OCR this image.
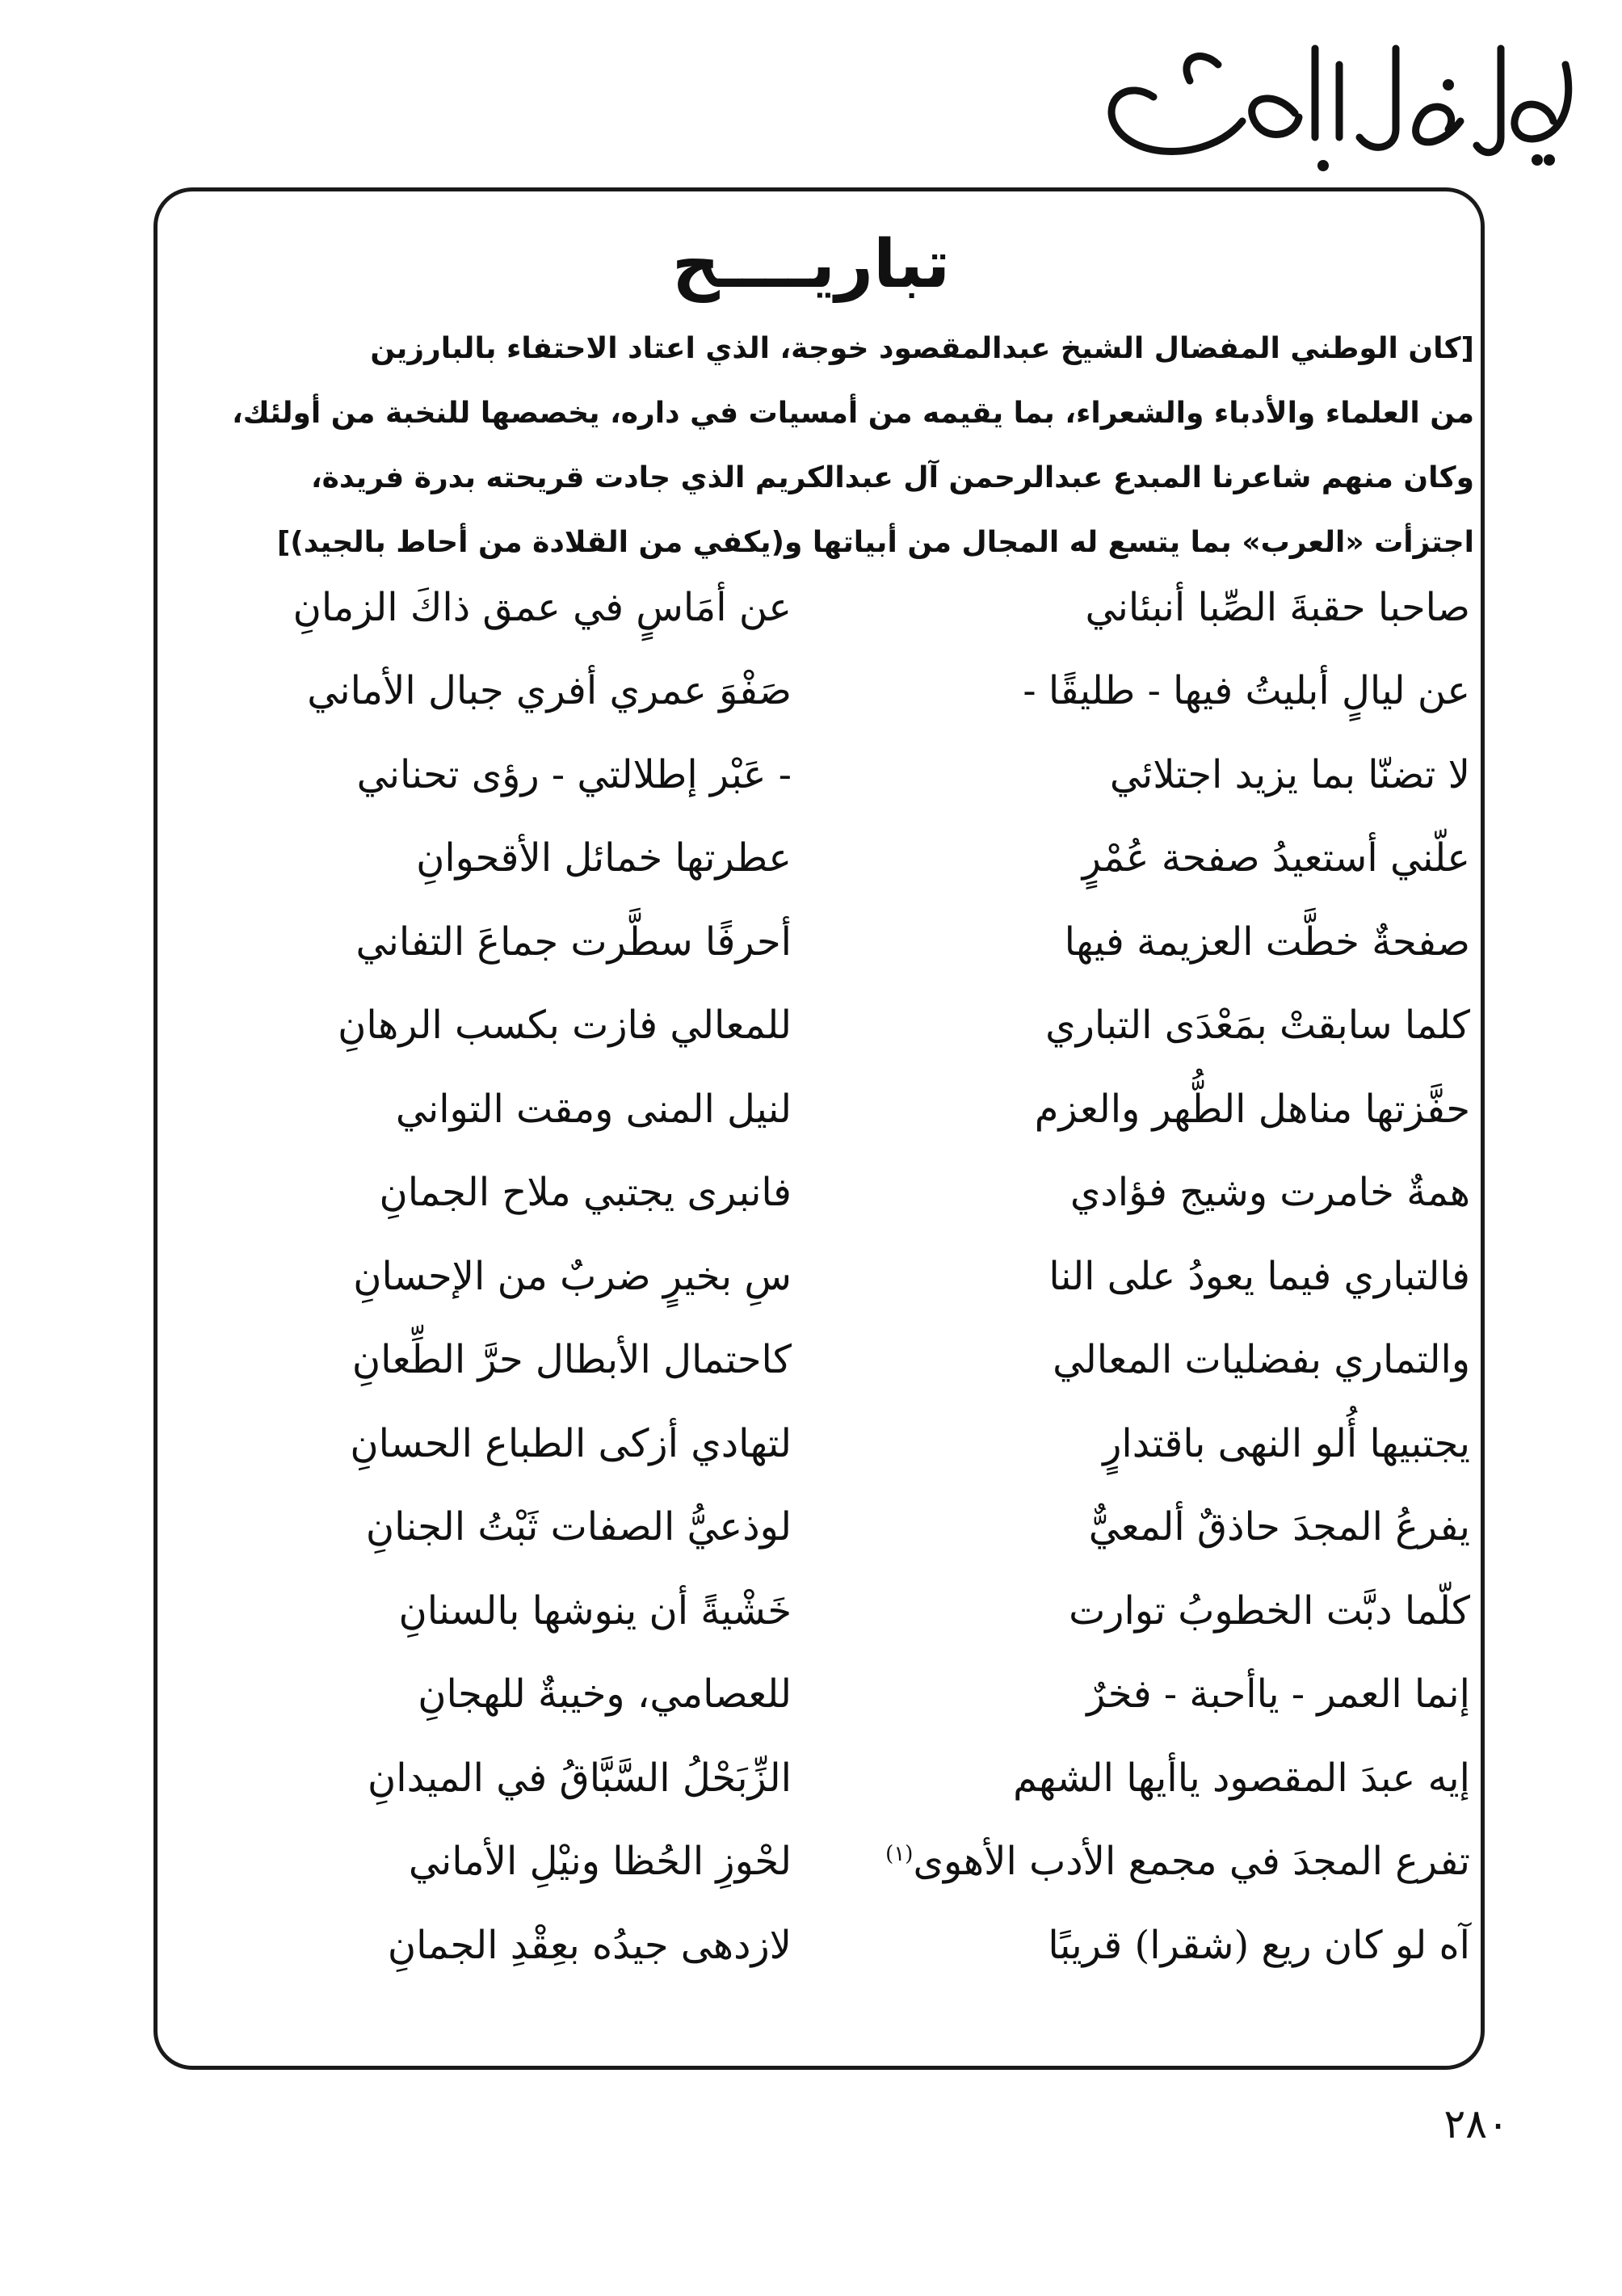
تباريــــح

[كان الوطني المفضال الشيخ عبدالمقصود خوجة، الذي اعتاد الاحتفاء بالبارزين

من العلماء والأدباء والشعراء، بما يقيمه من أمسيات في داره، يخصصها للنخبة من أولئك،

وكان منهم شاعرنا المبدع عبدالرحمن آل عبدالكريم الذي جادت قريحته بدرة فريدة،

اجتزأت «العرب» بما يتسع له المجال من أبياتها و(يكفي من القلادة من أحاط بالجيد)]

صاحبا حقبةَ الصِّبا أنبئاني
عن أمَاسٍ في عمق ذاكَ الزمانِ
عن ليالٍ أبليتُ فيها - طليقًا -
صَفْوَ عمري أفري جبال الأماني
لا تضنّا بما يزيد اجتلائي
- عَبْر إطلالتي - رؤى تحناني
علّني أستعيدُ صفحة عُمْرٍ
عطرتها خمائل الأقحوانِ
صفحةٌ خطَّت العزيمة فيها
أحرفًا سطَّرت جماعَ التفاني
كلما سابقتْ بمَعْدَى التباري
للمعالي فازت بكسب الرهانِ
حفَّزتها مناهل الطُّهر والعزم
لنيل المنى ومقت التواني
همةٌ خامرت وشيج فؤادي
فانبرى يجتبي ملاح الجمانِ
فالتباري فيما يعودُ على النا
سِ بخيرٍ ضربٌ من الإحسانِ
والتماري بفضليات المعالي
كاحتمال الأبطال حرَّ الطِّعانِ
يجتبيها أُلو النهى باقتدارٍ
لتهادي أزكى الطباع الحسانِ
يفرعُ المجدَ حاذقٌ ألمعيٌّ
لوذعيُّ الصفات ثَبْتُ الجنانِ
كلّما دبَّت الخطوبُ توارت
خَشْيةً أن ينوشها بالسنانِ
إنما العمر - ياأحبة - فخرٌ
للعصامي، وخيبةٌ للهجانِ
إيه عبدَ المقصود ياأيها الشهم
الزِّبَحْلُ السَّبَّاقُ في الميدانِ
تفرع المجدَ في مجمع الأدب الأهوى$^{(١)}$
لحْوزِ الحُظا ونيْلِ الأماني
آه لو كان ريع (شقرا) قريبًا
لازدهى جيدُه بعِقْدِ الجمانِ
٢٨٠
